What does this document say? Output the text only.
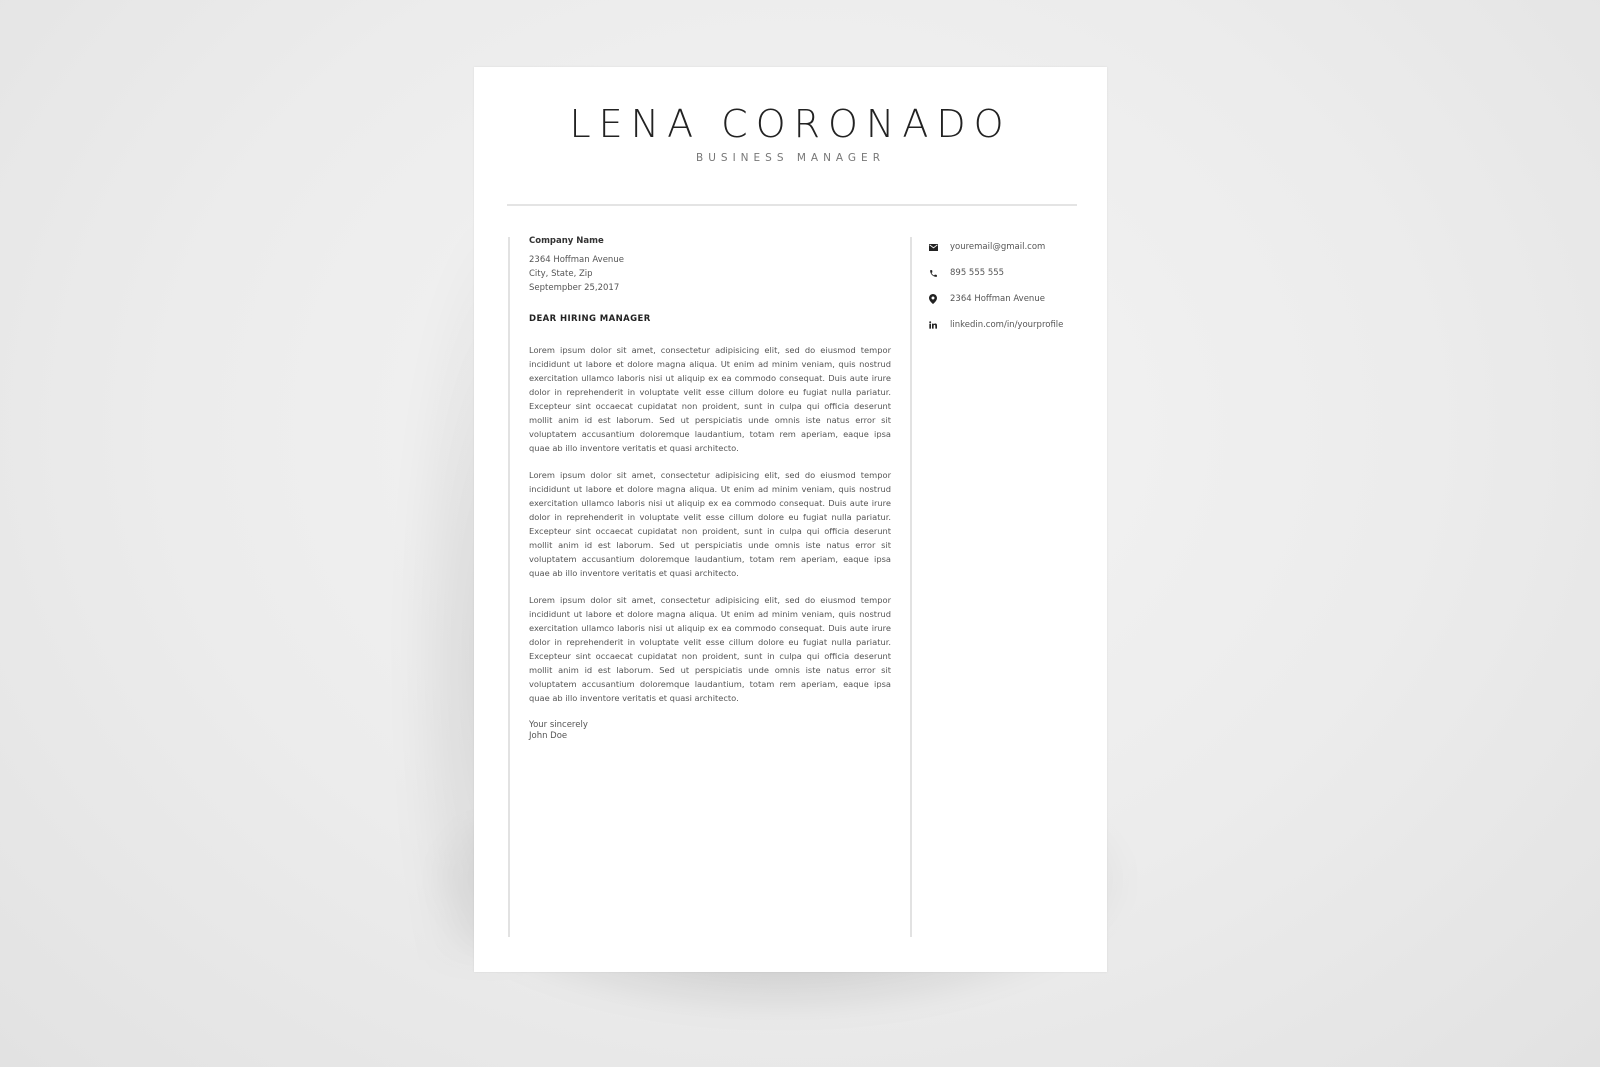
LENA CORONADO
BUSINESS MANAGER
Company Name
2364 Hoffman Avenue
City, State, Zip
Septempber 25,2017
DEAR HIRING MANAGER
Lorem ipsum dolor sit amet, consectetur adipisicing elit, sed do eiusmod tempor incididunt ut labore et dolore magna aliqua. Ut enim ad minim veniam, quis nostrud exercitation ullamco laboris nisi ut aliquip ex ea commodo consequat. Duis aute irure dolor in reprehenderit in voluptate velit esse cillum dolore eu fugiat nulla pariatur. Excepteur sint occaecat cupidatat non proident, sunt in culpa qui officia deserunt mollit anim id est laborum. Sed ut perspiciatis unde omnis iste natus error sit voluptatem accusantium doloremque laudantium, totam rem aperiam, eaque ipsa quae ab illo inventore veritatis et quasi architecto.
Lorem ipsum dolor sit amet, consectetur adipisicing elit, sed do eiusmod tempor incididunt ut labore et dolore magna aliqua. Ut enim ad minim veniam, quis nostrud exercitation ullamco laboris nisi ut aliquip ex ea commodo consequat. Duis aute irure dolor in reprehenderit in voluptate velit esse cillum dolore eu fugiat nulla pariatur. Excepteur sint occaecat cupidatat non proident, sunt in culpa qui officia deserunt mollit anim id est laborum. Sed ut perspiciatis unde omnis iste natus error sit voluptatem accusantium doloremque laudantium, totam rem aperiam, eaque ipsa quae ab illo inventore veritatis et quasi architecto.
Lorem ipsum dolor sit amet, consectetur adipisicing elit, sed do eiusmod tempor incididunt ut labore et dolore magna aliqua. Ut enim ad minim veniam, quis nostrud exercitation ullamco laboris nisi ut aliquip ex ea commodo consequat. Duis aute irure dolor in reprehenderit in voluptate velit esse cillum dolore eu fugiat nulla pariatur. Excepteur sint occaecat cupidatat non proident, sunt in culpa qui officia deserunt mollit anim id est laborum. Sed ut perspiciatis unde omnis iste natus error sit voluptatem accusantium doloremque laudantium, totam rem aperiam, eaque ipsa quae ab illo inventore veritatis et quasi architecto.
Your sincerely
John Doe
youremail@gmail.com
895 555 555
2364 Hoffman Avenue
linkedin.com/in/yourprofile
